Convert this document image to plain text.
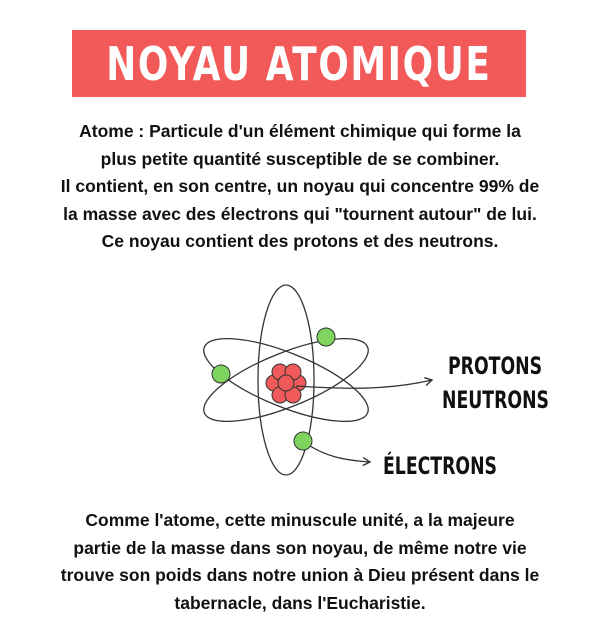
NOYAU ATOMIQUE

Atome : Particule d'un élément chimique qui forme la

plus petite quantité susceptible de se combiner.

Il contient, en son centre, un noyau qui concentre 99% de

la masse avec des électrons qui "tournent autour" de lui.

Ce noyau contient des protons et des neutrons.

PROTONS
NEUTRONS
ÉLECTRONS

Comme l'atome, cette minuscule unité, a la majeure

partie de la masse dans son noyau, de même notre vie

trouve son poids dans notre union à Dieu présent dans le

tabernacle, dans l'Eucharistie.
